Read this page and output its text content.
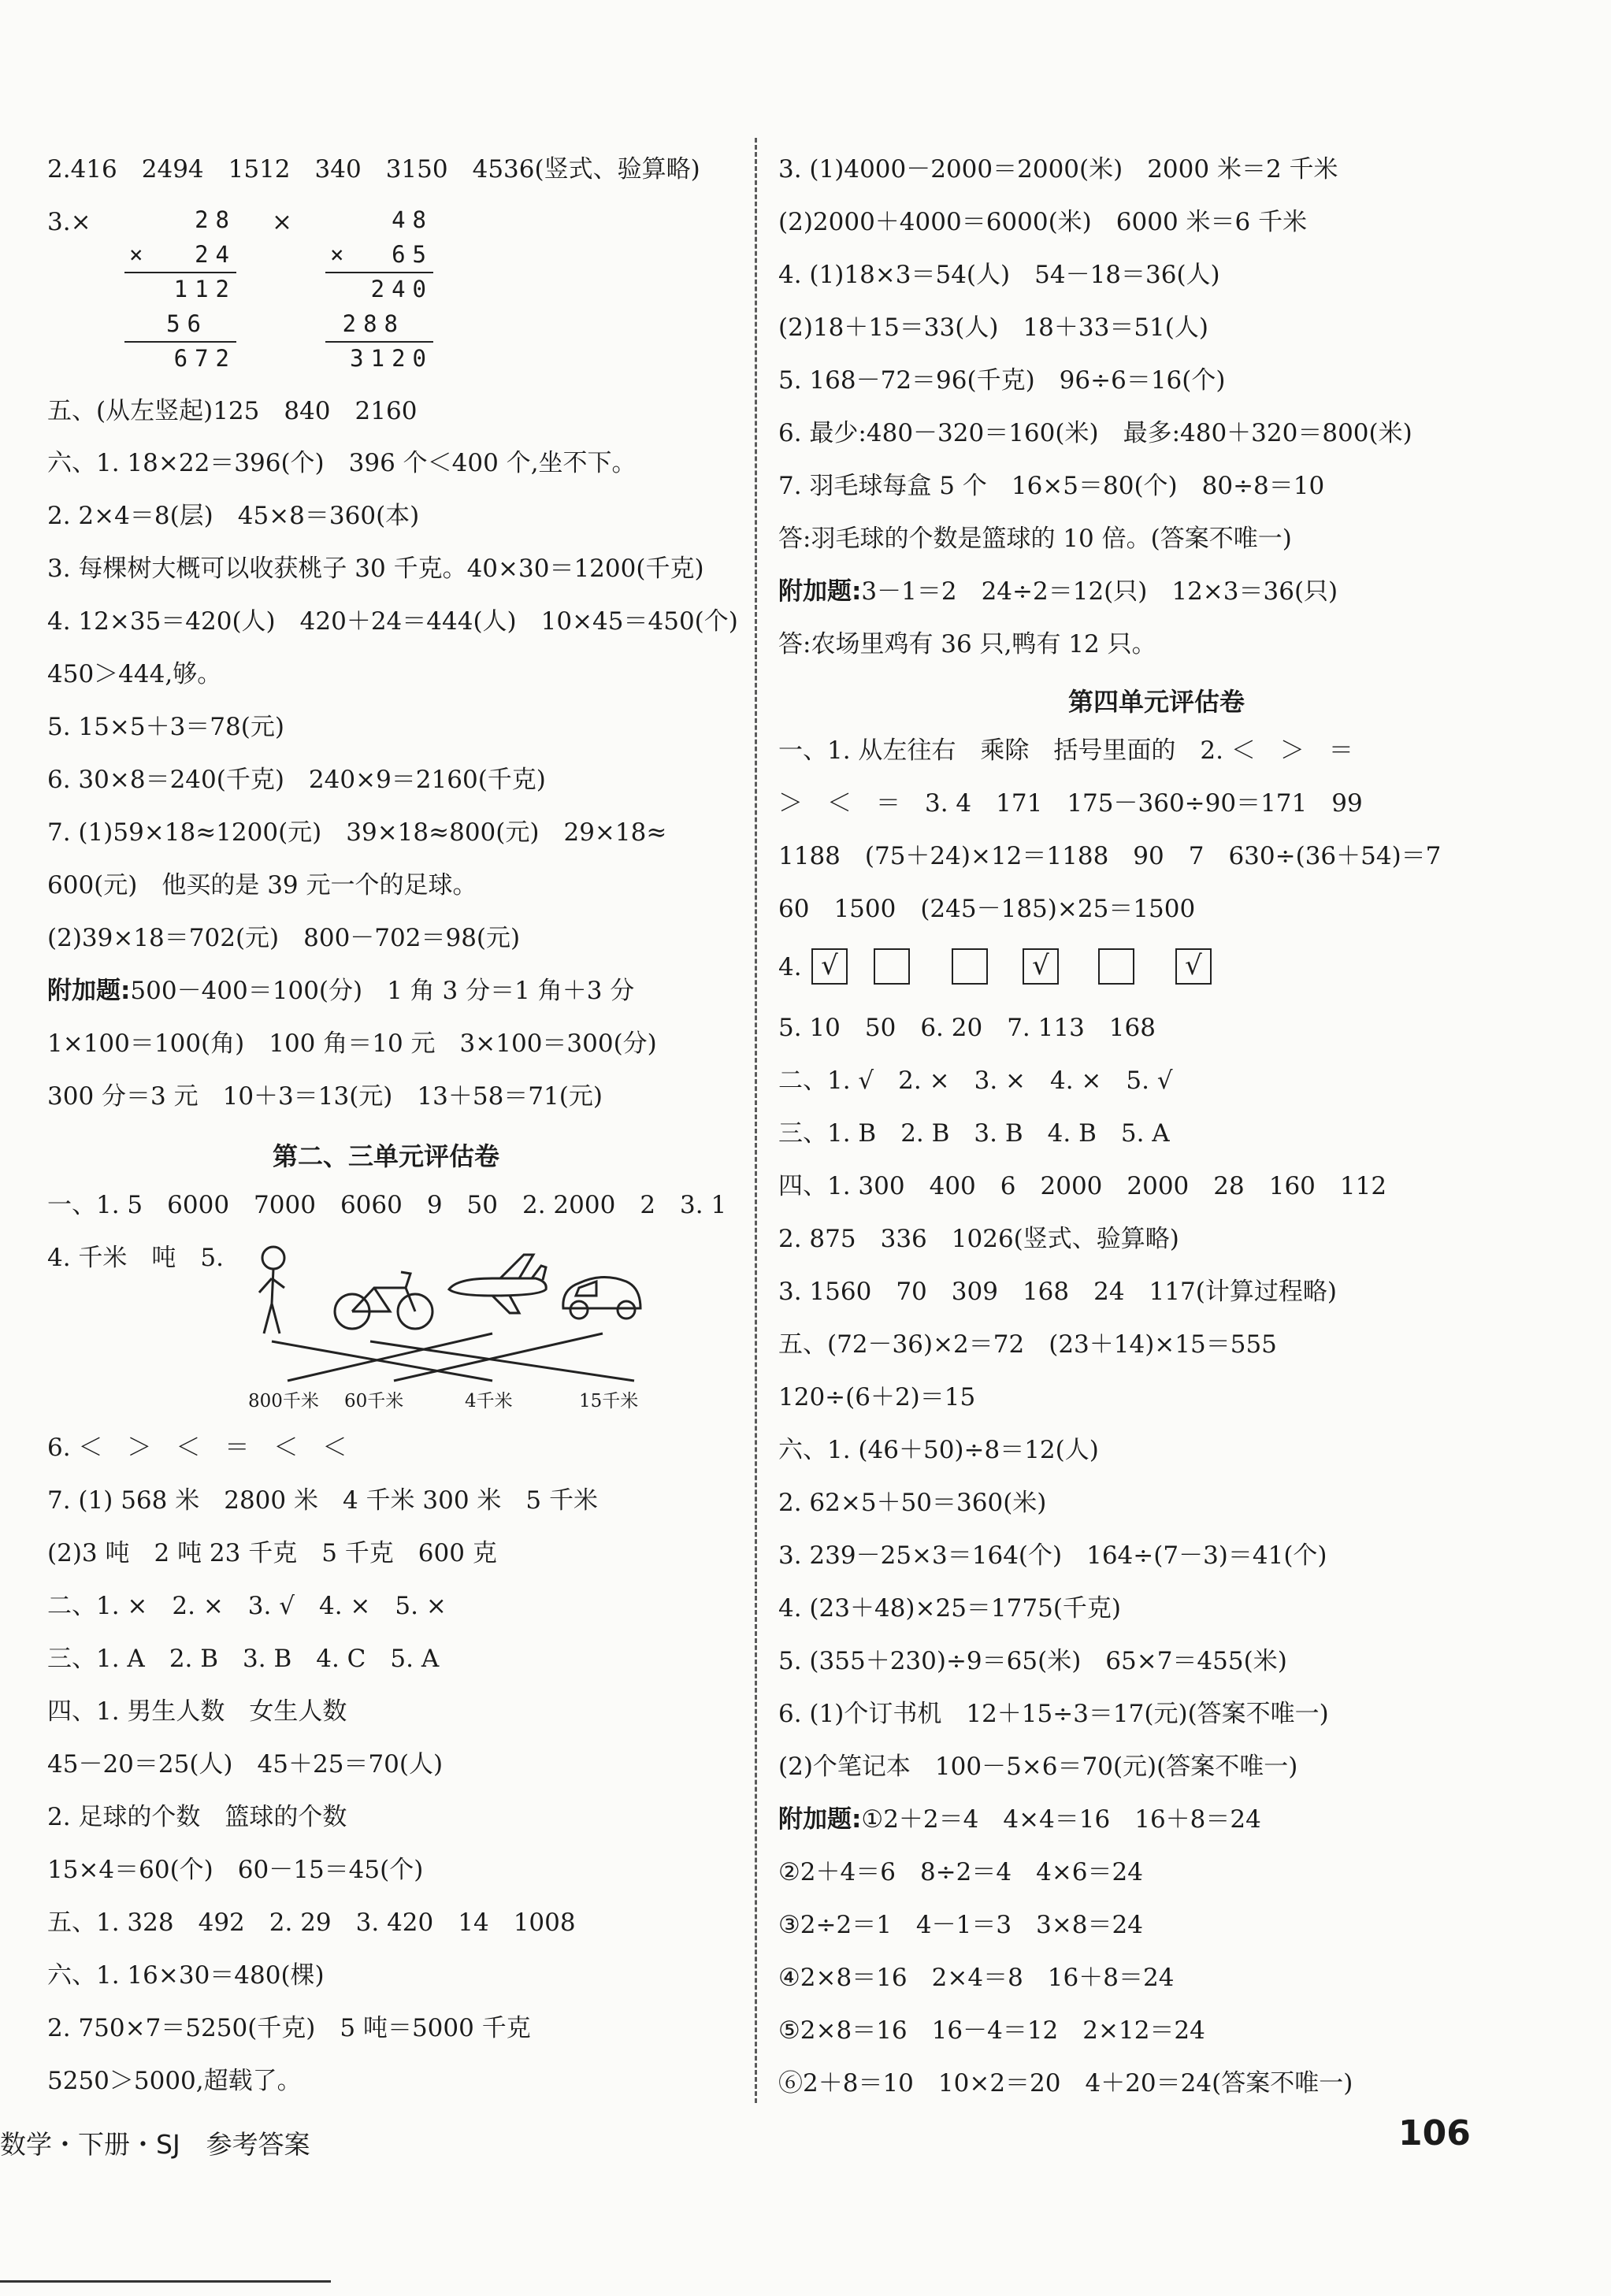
2.416　2494　1512　340　3150　4536(竖式、验算略)
3.×	×
28
× 24
112
56
672
48
× 65
240
288
3120
五、(从左竖起)125　840　2160
六、1. 18×22＝396(个)　396 个＜400 个,坐不下。
2. 2×4＝8(层)　45×8＝360(本)
3. 每棵树大概可以收获桃子 30 千克。40×30＝1200(千克)
4. 12×35＝420(人)　420＋24＝444(人)　10×45＝450(个)
450＞444,够。
5. 15×5＋3＝78(元)
6. 30×8＝240(千克)　240×9＝2160(千克)
7. (1)59×18≈1200(元)　39×18≈800(元)　29×18≈
600(元)　他买的是 39 元一个的足球。
(2)39×18＝702(元)　800－702＝98(元)
附加题:500－400＝100(分)　1 角 3 分＝1 角＋3 分
1×100＝100(角)　100 角＝10 元　3×100＝300(分)
300 分＝3 元　10＋3＝13(元)　13＋58＝71(元)
第二、三单元评估卷
一、1. 5　6000　7000　6060　9　50　2. 2000　2　3. 1
4. 千米　吨　5.
800千米 60千米	4千米	15千米
6. ＜　＞　＜　＝　＜　＜
7. (1) 568 米　2800 米　4 千米 300 米　5 千米
(2)3 吨　2 吨 23 千克　5 千克　600 克
二、1. ×　2. ×　3. √　4. ×　5. ×
三、1. A　2. B　3. B　4. C　5. A
四、1. 男生人数　女生人数
45－20＝25(人)　45＋25＝70(人)
2. 足球的个数　篮球的个数
15×4＝60(个)　60－15＝45(个)
五、1. 328　492　2. 29　3. 420　14　1008
六、1. 16×30＝480(棵)
2. 750×7＝5250(千克)　5 吨＝5000 千克
5250＞5000,超载了。
3. (1)4000－2000＝2000(米)　2000 米＝2 千米
(2)2000＋4000＝6000(米)　6000 米＝6 千米
4. (1)18×3＝54(人)　54－18＝36(人)
(2)18＋15＝33(人)　18＋33＝51(人)
5. 168－72＝96(千克)　96÷6＝16(个)
6. 最少:480－320＝160(米)　最多:480＋320＝800(米)
7. 羽毛球每盒 5 个　16×5＝80(个)　80÷8＝10
答:羽毛球的个数是篮球的 10 倍。(答案不唯一)
附加题:3－1＝2　24÷2＝12(只)　12×3＝36(只)
答:农场里鸡有 36 只,鸭有 12 只。
第四单元评估卷
一、1. 从左往右　乘除　括号里面的　2. ＜　＞　＝
＞　＜　＝　3. 4　171　175－360÷90＝171　99
1188　(75＋24)×12＝1188　90　7　630÷(36＋54)＝7
60　1500　(245－185)×25＝1500
4. √	√	√
5. 10　50　6. 20　7. 113　168
二、1. √　2. ×　3. ×　4. ×　5. √
三、1. B　2. B　3. B　4. B　5. A
四、1. 300　400　6　2000　2000　28　160　112
2. 875　336　1026(竖式、验算略)
3. 1560　70　309　168　24　117(计算过程略)
五、(72－36)×2＝72　(23＋14)×15＝555
120÷(6＋2)＝15
六、1. (46＋50)÷8＝12(人)
2. 62×5＋50＝360(米)
3. 239－25×3＝164(个)　164÷(7－3)＝41(个)
4. (23＋48)×25＝1775(千克)
5. (355＋230)÷9＝65(米)　65×7＝455(米)
6. (1)个订书机　12＋15÷3＝17(元)(答案不唯一)
(2)个笔记本　100－5×6＝70(元)(答案不唯一)
附加题:①2＋2＝4　4×4＝16　16＋8＝24
②2＋4＝6　8÷2＝4　4×6＝24
③2÷2＝1　4－1＝3　3×8＝24
④2×8＝16　2×4＝8　16＋8＝24
⑤2×8＝16　16－4＝12　2×12＝24
⑥2＋8＝10　10×2＝20　4＋20＝24(答案不唯一)
数学・下册・SJ　参考答案	106
